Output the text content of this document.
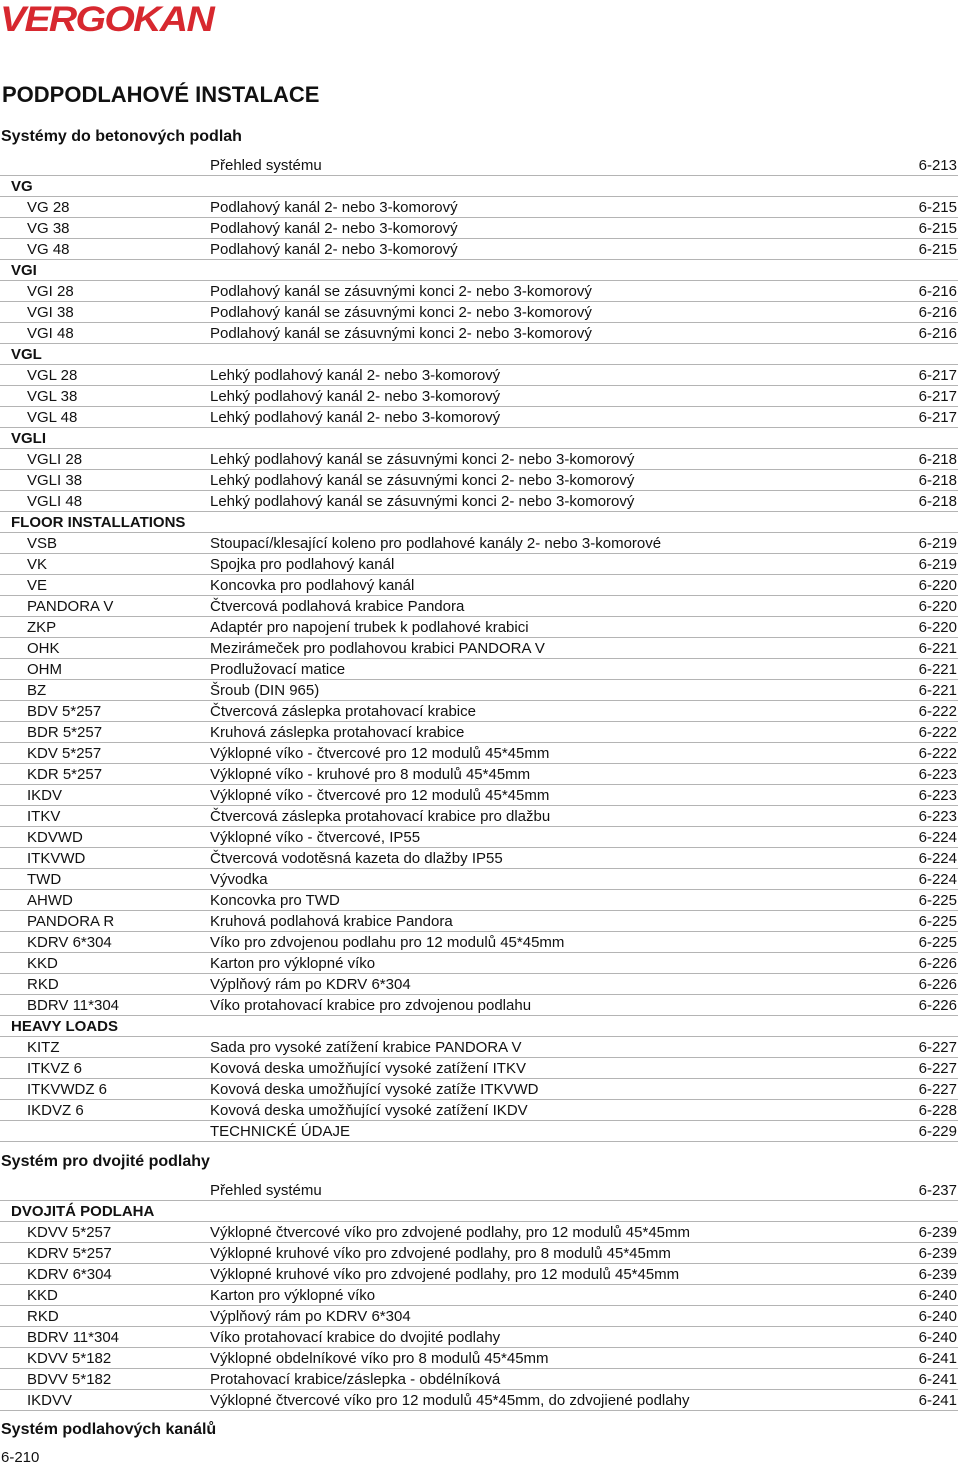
VERGOKAN
PODPODLAHOVÉ INSTALACE
Systémy do betonových podlah
Přehled systému	6-213
VG
VG 28	Podlahový kanál 2- nebo 3-komorový	6-215
VG 38	Podlahový kanál 2- nebo 3-komorový	6-215
VG 48	Podlahový kanál 2- nebo 3-komorový	6-215
VGI
VGI 28	Podlahový kanál se zásuvnými konci 2- nebo 3-komorový	6-216
VGI 38	Podlahový kanál se zásuvnými konci 2- nebo 3-komorový	6-216
VGI 48	Podlahový kanál se zásuvnými konci 2- nebo 3-komorový	6-216
VGL
VGL 28	Lehký podlahový kanál 2- nebo 3-komorový	6-217
VGL 38	Lehký podlahový kanál 2- nebo 3-komorový	6-217
VGL 48	Lehký podlahový kanál 2- nebo 3-komorový	6-217
VGLI
VGLI 28	Lehký podlahový kanál se zásuvnými konci 2- nebo 3-komorový	6-218
VGLI 38	Lehký podlahový kanál se zásuvnými konci 2- nebo 3-komorový	6-218
VGLI 48	Lehký podlahový kanál se zásuvnými konci 2- nebo 3-komorový	6-218
FLOOR INSTALLATIONS
VSB	Stoupací/klesající koleno pro podlahové kanály 2- nebo 3-komorové	6-219
VK	Spojka pro podlahový kanál	6-219
VE	Koncovka pro podlahový kanál	6-220
PANDORA V	Čtvercová podlahová krabice Pandora	6-220
ZKP	Adaptér pro napojení trubek k podlahové krabici	6-220
OHK	Mezirámeček pro podlahovou krabici PANDORA V	6-221
OHM	Prodlužovací matice	6-221
BZ	Šroub (DIN 965)	6-221
BDV 5*257	Čtvercová záslepka protahovací krabice	6-222
BDR 5*257	Kruhová záslepka protahovací krabice	6-222
KDV 5*257	Výklopné víko - čtvercové pro 12 modulů 45*45mm	6-222
KDR 5*257	Výklopné víko - kruhové pro 8 modulů 45*45mm	6-223
IKDV	Výklopné víko - čtvercové pro 12 modulů 45*45mm	6-223
ITKV	Čtvercová záslepka protahovací krabice pro dlažbu	6-223
KDVWD	Výklopné víko - čtvercové, IP55	6-224
ITKVWD	Čtvercová vodotěsná kazeta do dlažby IP55	6-224
TWD	Vývodka	6-224
AHWD	Koncovka pro TWD	6-225
PANDORA R	Kruhová podlahová krabice Pandora	6-225
KDRV 6*304	Víko pro zdvojenou podlahu pro 12 modulů 45*45mm	6-225
KKD	Karton pro výklopné víko	6-226
RKD	Výplňový rám po KDRV 6*304	6-226
BDRV 11*304	Víko protahovací krabice pro zdvojenou podlahu	6-226
HEAVY LOADS
KITZ	Sada pro vysoké zatížení krabice PANDORA V	6-227
ITKVZ 6	Kovová deska umožňující vysoké zatížení ITKV	6-227
ITKVWDZ 6	Kovová deska umožňující vysoké zatíže ITKVWD	6-227
IKDVZ 6	Kovová deska umožňující vysoké zatížení IKDV	6-228
TECHNICKÉ ÚDAJE	6-229
Systém pro dvojité podlahy
Přehled systému	6-237
DVOJITÁ PODLAHA
KDVV 5*257	Výklopné čtvercové víko pro zdvojené podlahy, pro 12 modulů 45*45mm	6-239
KDRV 5*257	Výklopné kruhové víko pro zdvojené podlahy, pro 8 modulů 45*45mm	6-239
KDRV 6*304	Výklopné kruhové víko pro zdvojené podlahy, pro 12 modulů 45*45mm	6-239
KKD	Karton pro výklopné víko	6-240
RKD	Výplňový rám po KDRV 6*304	6-240
BDRV 11*304	Víko protahovací krabice do dvojité podlahy	6-240
KDVV 5*182	Výklopné obdelníkové víko pro 8 modulů 45*45mm	6-241
BDVV 5*182	Protahovací krabice/záslepka - obdélníková	6-241
IKDVV	Výklopné čtvercové víko pro 12 modulů 45*45mm, do zdvojiené podlahy	6-241
Systém podlahových kanálů
6-210
